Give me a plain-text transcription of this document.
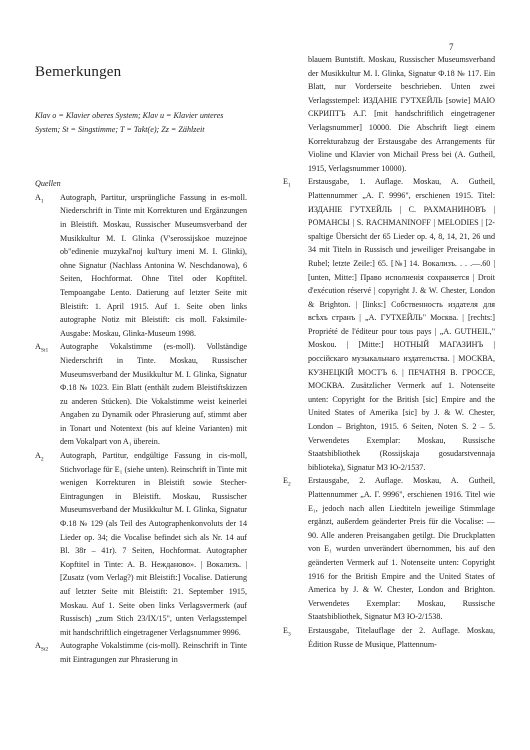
7
Bemerkungen
Klav o = Klavier oberes System; Klav u = Klavier unteres System; St = Singstimme; T = Takt(e); Zz = Zählzeit
Quellen
$A_1$ Autograph, Partitur, ursprüngliche Fassung in es-moll. Niederschrift in Tinte mit Korrekturen und Ergänzungen in Bleistift. Moskau, Russischer Museumsverband der Musikkultur M. I. Glinka (V'serossijskoe muzejnoe ob"edinenie muzykal'noj kul'tury imeni M. I. Glinki), ohne Signatur (Nachlass Antonina W. Neschdanowa), 6 Seiten, Hochformat. Ohne Titel oder Kopftitel. Tempoangabe Lento. Datierung auf letzter Seite mit Bleistift: 1. April 1915. Auf 1. Seite oben links autographe Notiz mit Bleistift: cis moll. Faksimile-Ausgabe: Moskau, Glinka-Museum 1998.
$A_{St1}$ Autographe Vokalstimme (es-moll). Vollständige Niederschrift in Tinte. Moskau, Russischer Museumsverband der Musikkultur M. I. Glinka, Signatur Ф.18 № 1023. Ein Blatt (enthält zudem Bleistiftskizzen zu anderen Stücken). Die Vokalstimme weist keinerlei Angaben zu Dynamik oder Phrasierung auf, stimmt aber in Tonart und Notentext (bis auf kleine Varianten) mit dem Vokalpart von A₁ überein.
$A_2$ Autograph, Partitur, endgültige Fassung in cis-moll, Stichvorlage für E₁ (siehe unten). Reinschrift in Tinte mit wenigen Korrekturen in Bleistift sowie Stecher-Eintragungen in Bleistift. Moskau, Russischer Museumsverband der Musikkultur M. I. Glinka, Signatur Ф.18 № 129 (als Teil des Autographenkonvoluts der 14 Lieder op. 34; die Vocalise befindet sich als Nr. 14 auf Bl. 38r – 41r). 7 Seiten, Hochformat. Autographer Kopftitel in Tinte: A. B. Нежданово». | Вокализъ. | [Zusatz (vom Verlag?) mit Bleistift:] Vocalise. Datierung auf letzter Seite mit Bleistift: 21. September 1915, Moskau. Auf 1. Seite oben links Verlagsvermerk (auf Russisch) „zum Stich 23/IX/15", unten Verlagsstempel mit handschriftlich eingetragener Verlagsnummer 9996.
$A_{St2}$ Autographe Vokalstimme (cis-moll). Reinschrift in Tinte mit Eintragungen zur Phrasierung in
blauem Buntstift. Moskau, Russischer Museumsverband der Musikkultur M. I. Glinka, Signatur Ф.18 № 117. Ein Blatt, nur Vorderseite beschrieben. Unten zwei Verlagsstempel: ИЗДАНІЕ ГУТХЕЙЛЬ [sowie] МАІО СКРИПТЪ А.Г. [mit handschriftlich eingetragener Verlagsnummer] 10000. Die Abschrift liegt einem Korrekturabzug der Erstausgabe des Arrangements für Violine und Klavier von Michail Press bei (A. Gutheil, 1915, Verlagsnummer 10000).
$E_1$ Erstausgabe, 1. Auflage. Moskau, A. Gutheil, Plattennummer „A. Г. 9996", erschienen 1915. Titel: ИЗДАНІЕ ГУТХЕЙЛЬ | С. РАХМАНИНОВЪ | РОМАНСЫ | S. RACHMANINOFF | MELODIES | [2-spaltige Übersicht der 65 Lieder op. 4, 8, 14, 21, 26 und 34 mit Titeln in Russisch und jeweiliger Preisangabe in Rubel; letzte Zeile:] 65. [№] 14. Вокализъ. . . .—.60 | [unten, Mitte:] Право исполненія сохраняется | Droit d'exécution réservé | copyright J. & W. Chester, London & Brighton. | [links:] Собственность издателя для всѣхъ странъ | „A. ГУТХЕЙЛЬ" Москва. | [rechts:] Propriété de l'éditeur pour tous pays | „A. GUTHEIL," Moskou. | [Mitte:] НОТНЫЙ МАГАЗИНЪ | россійскаго музыкальнаго издательства. | МОСКВА, КУЗНЕЦКІЙ МОСТЪ 6. | ПЕЧАТНЯ В. ГРОССЕ, МОСКВА. Zusätzlicher Vermerk auf 1. Notenseite unten: Copyright for the British [sic] Empire and the United States of Amerika [sic] by J. & W. Chester, London – Brighton, 1915. 6 Seiten, Noten S. 2 – 5. Verwendetes Exemplar: Moskau, Russische Staatsbibliothek (Rossijskaja gosudarstvennaja biblioteka), Signatur МЗ Ю-2/1537.
$E_2$ Erstausgabe, 2. Auflage. Moskau, A. Gutheil, Plattennummer „A. Г. 9996", erschienen 1916. Titel wie E₁, jedoch nach allen Liedtiteln jeweilige Stimmlage ergänzt, außerdem geänderter Preis für die Vocalise: —90. Alle anderen Preisangaben getilgt. Die Druckplatten von E₁ wurden unverändert übernommen, bis auf den geänderten Vermerk auf 1. Notenseite unten: Copyright 1916 for the British Empire and the United States of America by J. & W. Chester, London and Brighton. Verwendetes Exemplar: Moskau, Russische Staatsbibliothek, Signatur МЗ Ю-2/1538.
$E_3$ Erstausgabe, Titelauflage der 2. Auflage. Moskau, Édition Russe de Musique, Plattennum-
